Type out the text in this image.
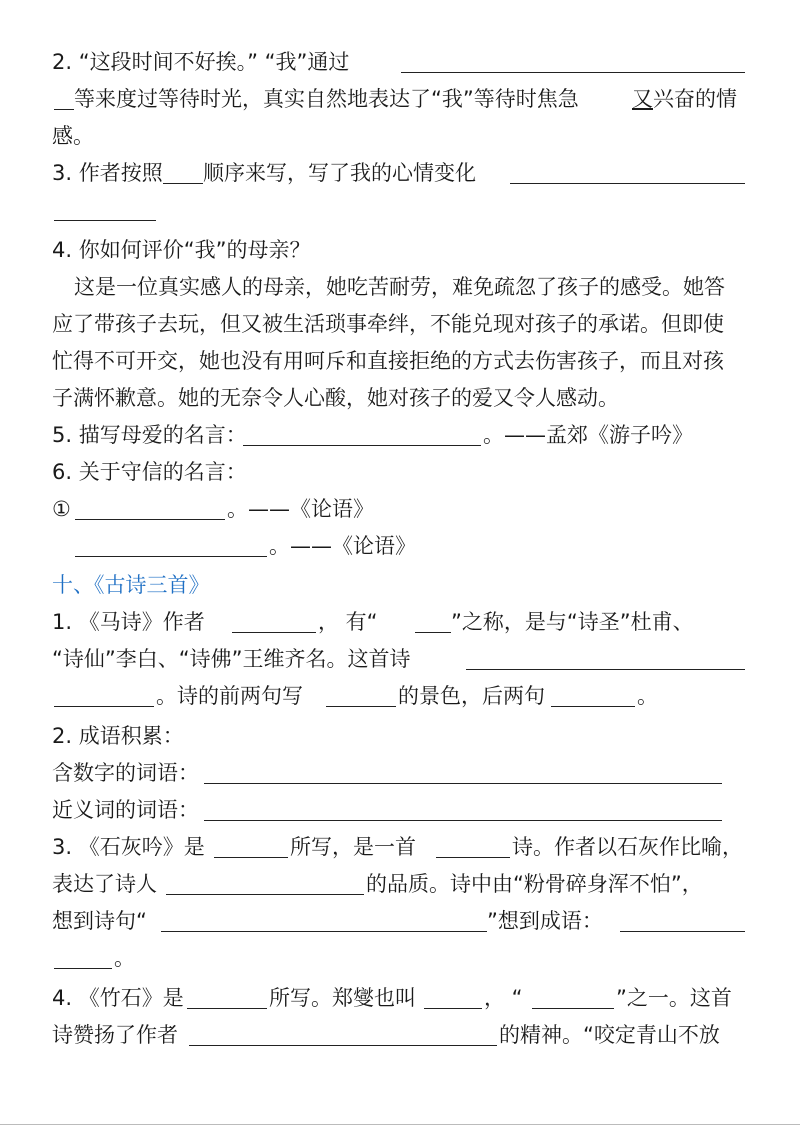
2. “这段时间不好挨。” “我”通过
等来度过等待时光，真实自然地表达了“我”等待时焦急	又 兴奋的情
感。
3. 作者按照 顺序来写，写了我的心情变化
4. 你如何评价“我”的母亲？
这是一位真实感人的母亲，她吃苦耐劳，难免疏忽了孩子的感受。她答
应了带孩子去玩，但又被生活琐事牵绊，不能兑现对孩子的承诺。但即使
忙得不可开交，她也没有用呵斥和直接拒绝的方式去伤害孩子，而且对孩
子满怀歉意。她的无奈令人心酸，她对孩子的爱又令人感动。
5. 描写母爱的名言：	。——孟郊《游子吟》
6. 关于守信的名言：
①	。——《论语》
。——《论语》
十、《古诗三首》
1. 《马诗》作者	， 有“	”之称，是与“诗圣”杜甫、
“诗仙”李白、“诗佛”王维齐名。这首诗
。诗的前两句写	的景色，后两句	。
2. 成语积累：
含数字的词语：
近义词的词语：
3. 《石灰吟》是	所写，是一首	诗。作者以石灰作比喻，
表达了诗人	的品质。诗中由“粉骨碎身浑不怕”，
想到诗句“	”想到成语：
。
4. 《竹石》是	所写。郑燮也叫	， “	”之一。这首
诗赞扬了作者	的精神。“咬定青山不放
